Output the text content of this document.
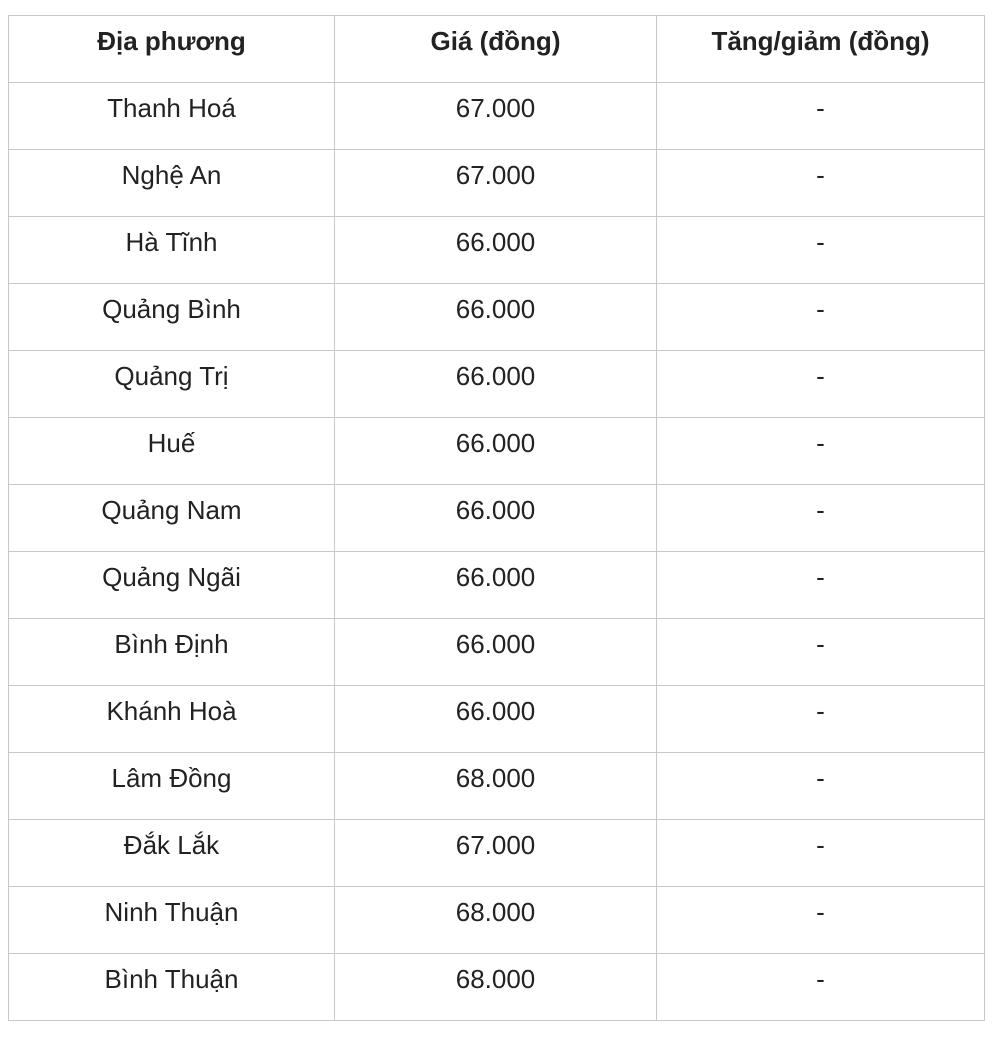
Địa phương	Giá (đồng)	Tăng/giảm (đồng)
Thanh Hoá	67.000	-
Nghệ An	67.000	-
Hà Tĩnh	66.000	-
Quảng Bình	66.000	-
Quảng Trị	66.000	-
Huế	66.000	-
Quảng Nam	66.000	-
Quảng Ngãi	66.000	-
Bình Định	66.000	-
Khánh Hoà	66.000	-
Lâm Đồng	68.000	-
Đắk Lắk	67.000	-
Ninh Thuận	68.000	-
Bình Thuận	68.000	-
